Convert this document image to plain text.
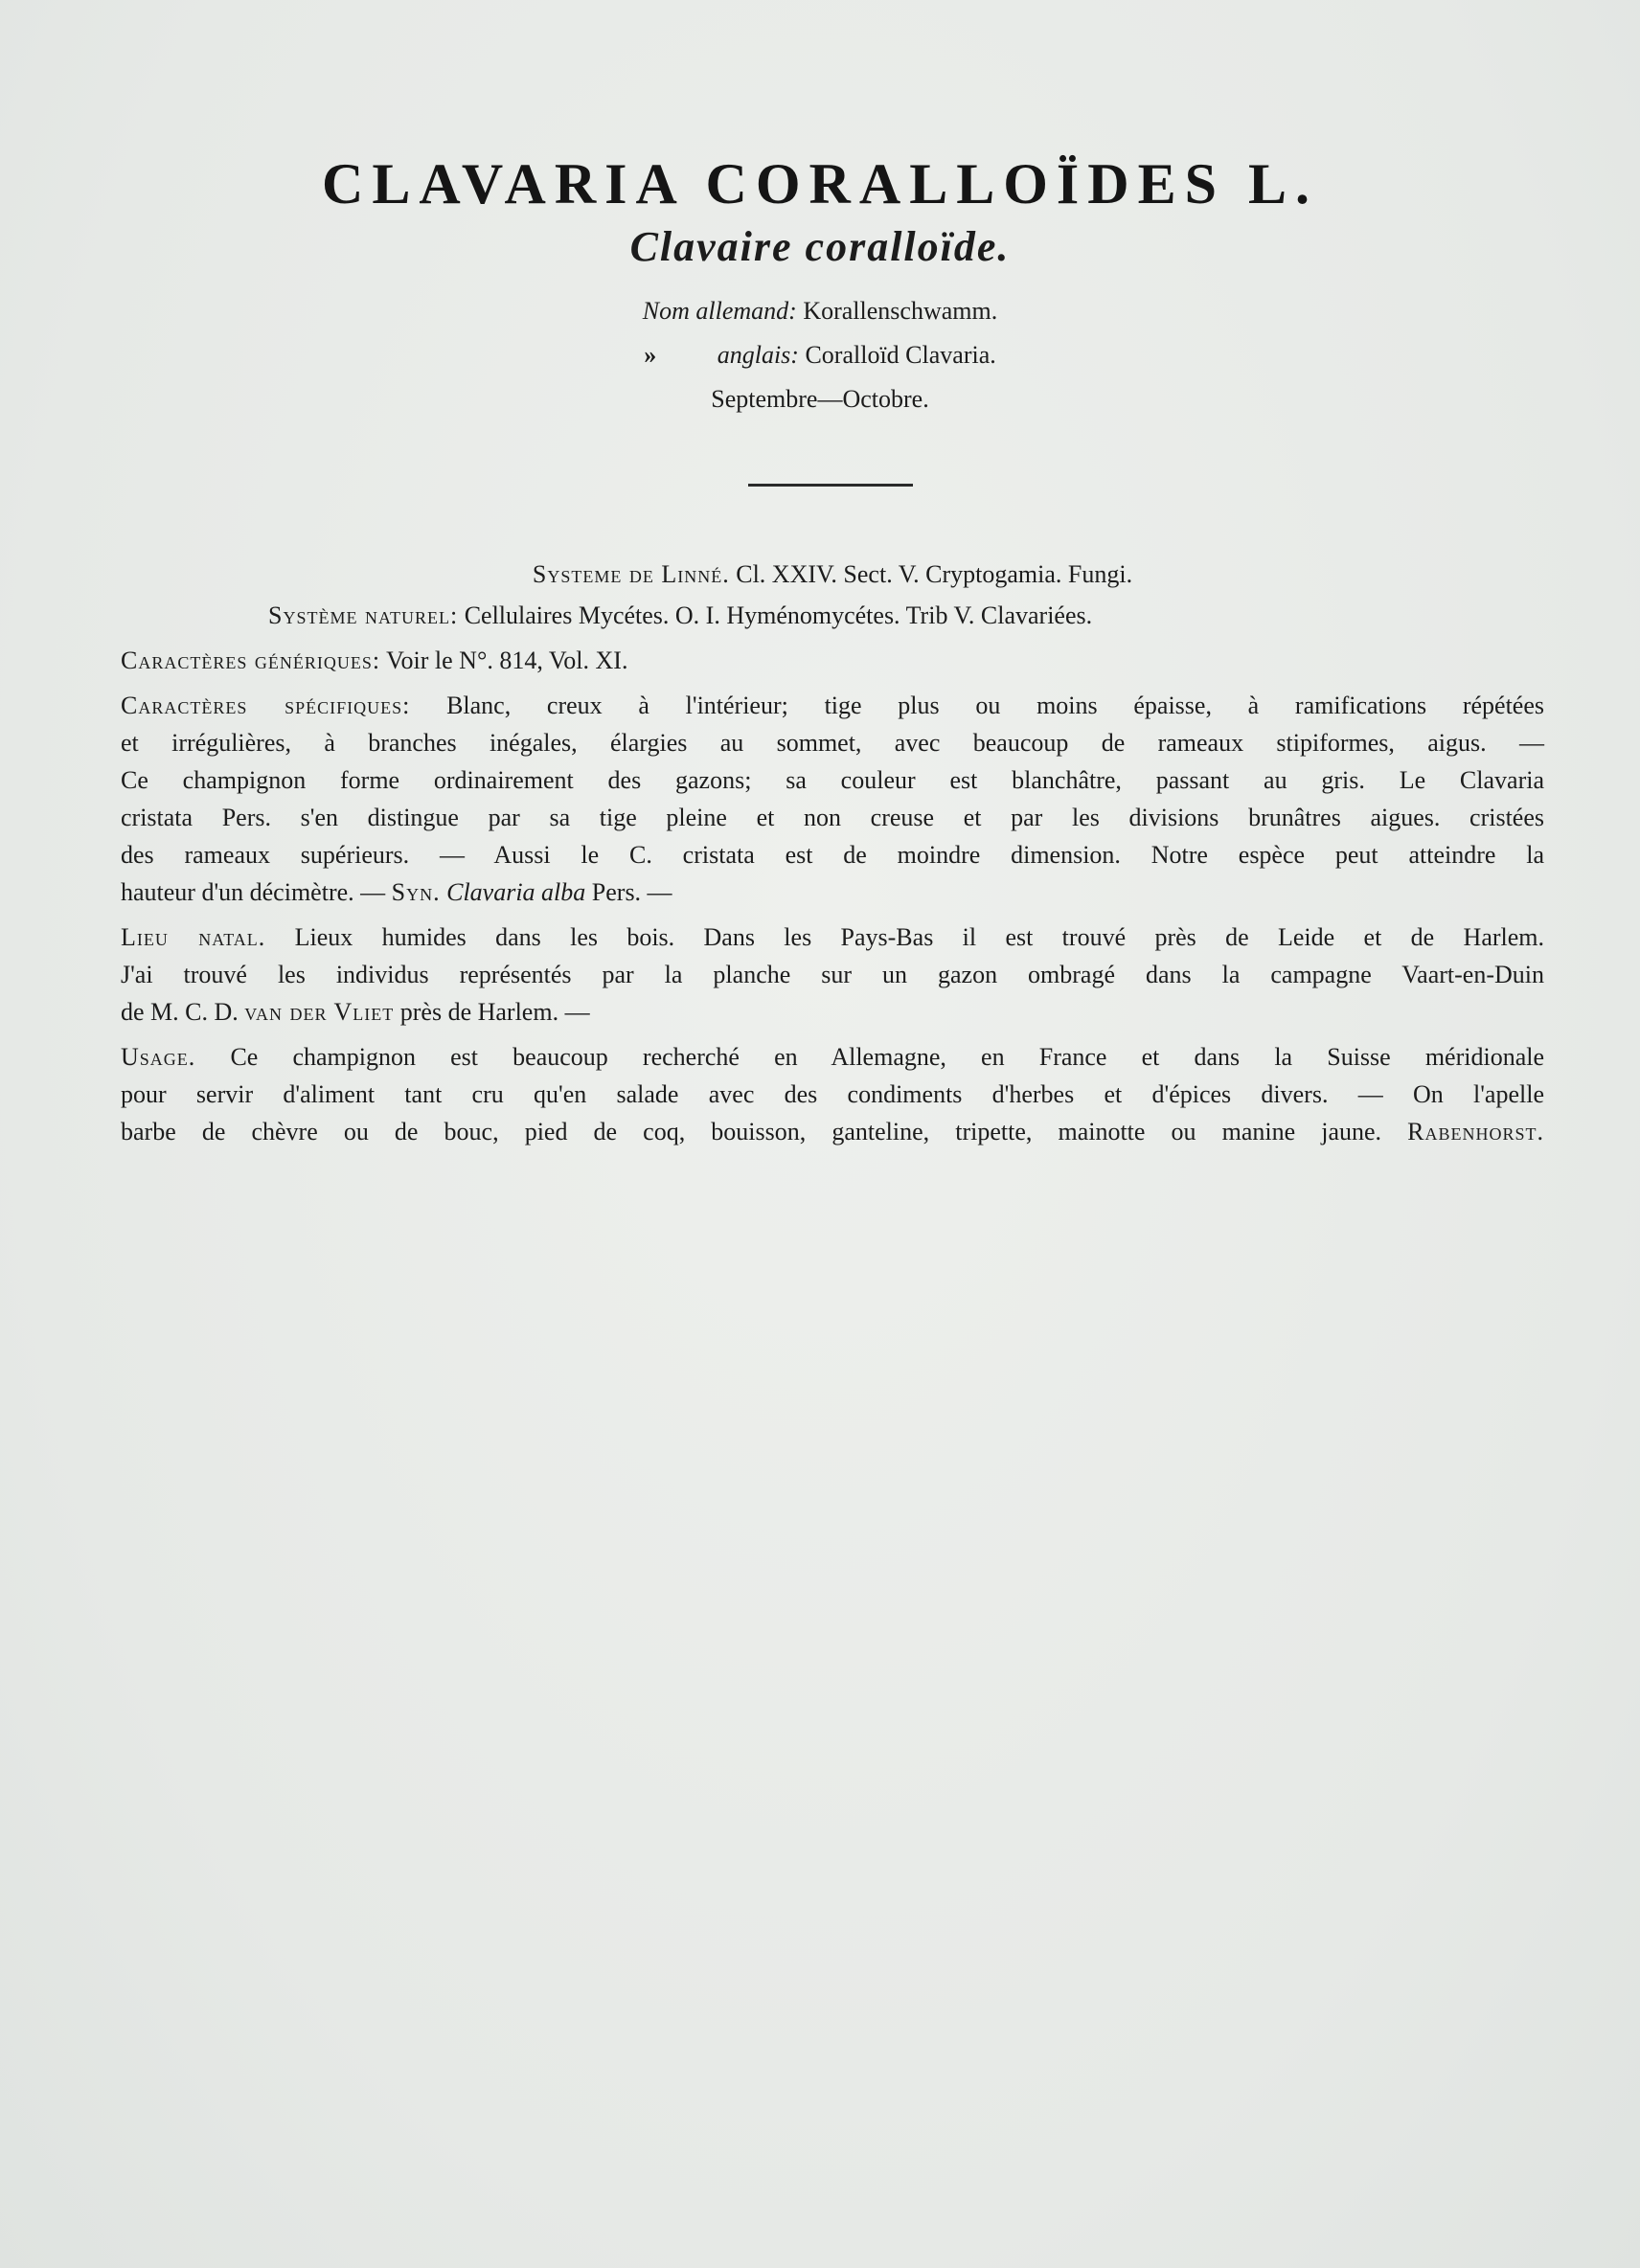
CLAVARIA CORALLOÏDES L.
Clavaire coralloïde.
Nom allemand: Korallenschwamm.
» anglais: Coralloïd Clavaria.
Septembre—Octobre.
Systeme de Linné. Cl. XXIV. Sect. V. Cryptogamia. Fungi.
Système naturel: Cellulaires Mycétes. O. I. Hyménomycétes. Trib V. Clavariées.
Caractères génériques: Voir le N°. 814, Vol. XI.
Caractères spécifiques: Blanc, creux à l'intérieur; tige plus ou moins épaisse, à ramifications répétées
et irrégulières, à branches inégales, élargies au sommet, avec beaucoup de rameaux stipiformes, aigus. —
Ce champignon forme ordinairement des gazons; sa couleur est blanchâtre, passant au gris. Le Clavaria
cristata Pers. s'en distingue par sa tige pleine et non creuse et par les divisions brunâtres aigues. cristées
des rameaux supérieurs. — Aussi le C. cristata est de moindre dimension. Notre espèce peut atteindre la
hauteur d'un décimètre. — Syn. Clavaria alba Pers. —
Lieu natal. Lieux humides dans les bois. Dans les Pays-Bas il est trouvé près de Leide et de Harlem.
J'ai trouvé les individus représentés par la planche sur un gazon ombragé dans la campagne Vaart-en-Duin
de M. C. D. van der Vliet près de Harlem. —
Usage. Ce champignon est beaucoup recherché en Allemagne, en France et dans la Suisse méridionale
pour servir d'aliment tant cru qu'en salade avec des condiments d'herbes et d'épices divers. — On l'apelle
barbe de chèvre ou de bouc, pied de coq, bouisson, ganteline, tripette, mainotte ou manine jaune. Rabenhorst.
